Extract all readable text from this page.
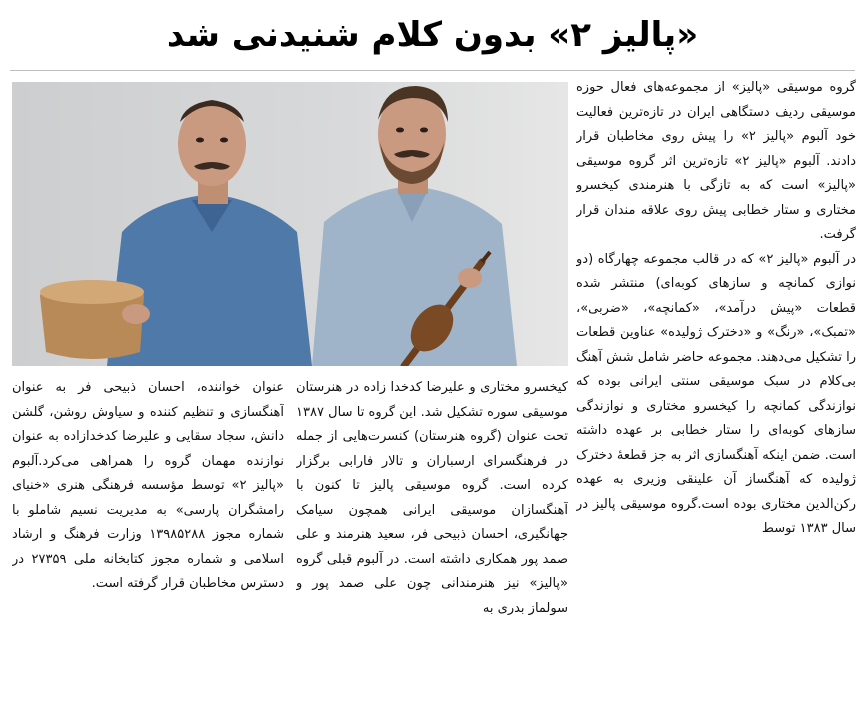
«پالیز ۲» بدون کلام شنیدنی شد

گروه موسیقی «پالیز» از مجموعه‌های فعال حوزه موسیقی ردیف دستگاهی ایران در تازه‌ترین فعالیت خود آلبوم «پالیز ۲» را پیش روی مخاطبان قرار دادند. آلبوم «پالیز ۲» تازه‌ترین اثر گروه موسیقی «پالیز» است که به تازگی با هنرمندی کیخسرو مختاری و ستار خطابی پیش روی علاقه مندان قرار گرفت.

در آلبوم «پالیز ۲» که در قالب مجموعه چهارگاه (دو نوازی کمانچه و سازهای کوبه‌ای) منتشر شده قطعات «پیش درآمد»، «کمانچه»، «ضربی»، «تمبک»، «رنگ» و «دخترک ژولیده» عناوین قطعات را تشکیل می‌دهند. مجموعه حاضر شامل شش آهنگ بی‌کلام در سبک موسیقی سنتی ایرانی بوده که نوازندگی کمانچه را کیخسرو مختاری و نوازندگی سازهای کوبه‌ای را ستار خطابی بر عهده داشته است. ضمن اینکه آهنگسازی اثر به جز قطعهٔ دخترک ژولیده که آهنگساز آن علینقی وزیری به عهده رکن‌الدین مختاری بوده است.گروه موسیقی پالیز در سال ۱۳۸۳ توسط

کیخسرو مختاری و علیرضا کدخدا زاده در هنرستان موسیقی سوره تشکیل شد. این گروه تا سال ۱۳۸۷ تحت عنوان (گروه هنرستان) کنسرت‌هایی از جمله در فرهنگسرای ارسباران و تالار فارابی برگزار کرده است. گروه موسیقی پالیز تا کنون با آهنگسازان موسیقی ایرانی همچون سیامک جهانگیری، احسان ذبیحی فر، سعید هنرمند و علی صمد پور همکاری داشته است. در آلبوم قبلی گروه «پالیز» نیز هنرمندانی چون علی صمد پور و سولماز بدری به

عنوان خواننده، احسان ذبیحی فر به عنوان آهنگسازی و تنظیم کننده و سیاوش روشن، گلشن دانش، سجاد سقایی و علیرضا کدخدازاده به عنوان نوازنده مهمان گروه را همراهی می‌کرد.آلبوم «پالیز ۲» توسط مؤسسه فرهنگی هنری «خنیای رامشگران پارسی» به مدیریت نسیم شاملو با شماره مجوز ۱۳۹۸۵۲۸۸ وزارت فرهنگ و ارشاد اسلامی و شماره مجوز کتابخانه ملی ۲۷۳۵۹ در دسترس مخاطبان قرار گرفته است.
